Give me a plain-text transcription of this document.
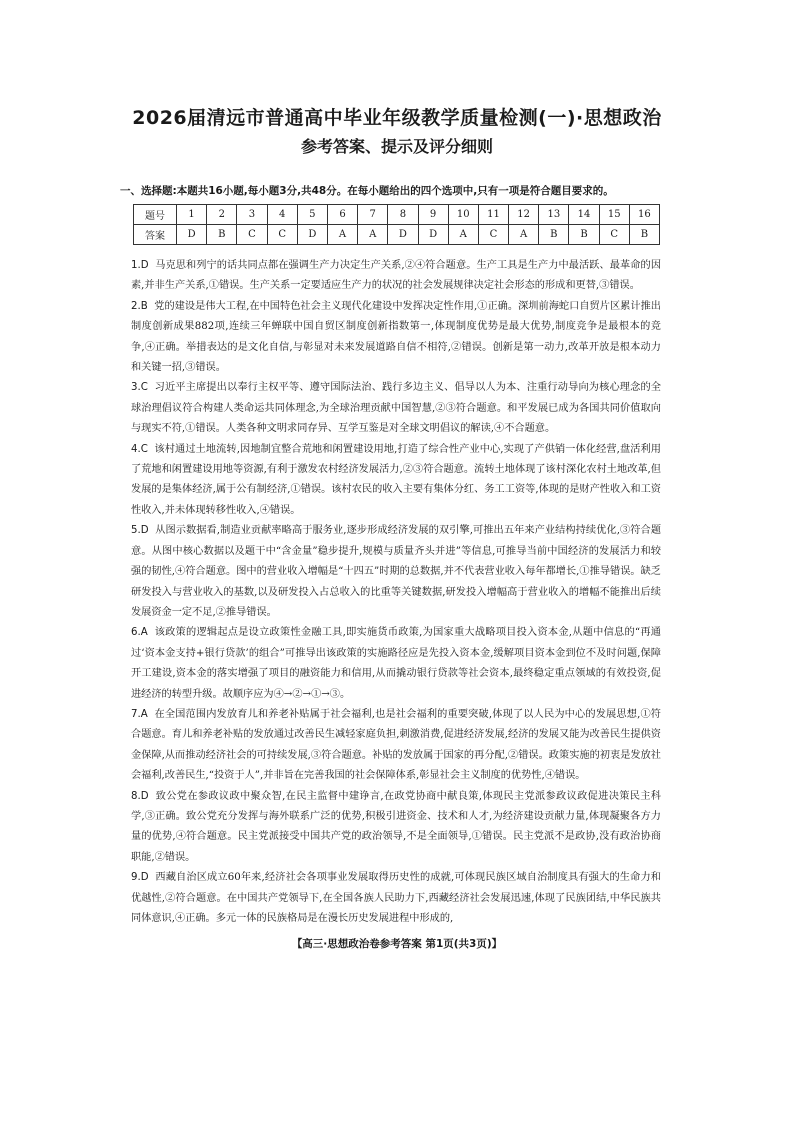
2026届清远市普通高中毕业年级教学质量检测(一)·思想政治
参考答案、提示及评分细则
一、选择题:本题共16小题,每小题3分,共48分。在每小题给出的四个选项中,只有一项是符合题目要求的。
题号	1	2	3	4	5	6	7	8	9	10	11	12	13	14	15	16
答案	D	B	C	C	D	A	A	D	D	A	C	A	B	B	C	B

1.D 马克思和列宁的话共同点都在强调生产力决定生产关系,②④符合题意。生产工具是生产力中最活跃、最革命的因素,并非生产关系,①错误。生产关系一定要适应生产力的状况的社会发展规律决定社会形态的形成和更替,③错误。

2.B 党的建设是伟大工程,在中国特色社会主义现代化建设中发挥决定性作用,①正确。深圳前海蛇口自贸片区累计推出制度创新成果882项,连续三年蝉联中国自贸区制度创新指数第一,体现制度优势是最大优势,制度竞争是最根本的竞争,④正确。举措表达的是文化自信,与彰显对未来发展道路自信不相符,②错误。创新是第一动力,改革开放是根本动力和关键一招,③错误。

3.C 习近平主席提出以奉行主权平等、遵守国际法治、践行多边主义、倡导以人为本、注重行动导向为核心理念的全球治理倡议符合构建人类命运共同体理念,为全球治理贡献中国智慧,②③符合题意。和平发展已成为各国共同价值取向与现实不符,①错误。人类各种文明求同存异、互学互鉴是对全球文明倡议的解读,④不合题意。

4.C 该村通过土地流转,因地制宜整合荒地和闲置建设用地,打造了综合性产业中心,实现了产供销一体化经营,盘活利用了荒地和闲置建设用地等资源,有利于激发农村经济发展活力,②③符合题意。流转土地体现了该村深化农村土地改革,但发展的是集体经济,属于公有制经济,①错误。该村农民的收入主要有集体分红、务工工资等,体现的是财产性收入和工资性收入,并未体现转移性收入,④错误。

5.D 从图示数据看,制造业贡献率略高于服务业,逐步形成经济发展的双引擎,可推出五年来产业结构持续优化,③符合题意。从图中核心数据以及题干中“含金量”稳步提升,规模与质量齐头并进”等信息,可推导当前中国经济的发展活力和较强的韧性,④符合题意。图中的营业收入增幅是“十四五”时期的总数据,并不代表营业收入每年都增长,①推导错误。缺乏研发投入与营业收入的基数,以及研发投入占总收入的比重等关键数据,研发投入增幅高于营业收入的增幅不能推出后续发展资金一定不足,②推导错误。

6.A 该政策的逻辑起点是设立政策性金融工具,即实施货币政策,为国家重大战略项目投入资本金,从题中信息的“再通过‘资本金支持+银行贷款’的组合”可推导出该政策的实施路径应是先投入资本金,缓解项目资本金到位不及时问题,保障开工建设,资本金的落实增强了项目的融资能力和信用,从而撬动银行贷款等社会资本,最终稳定重点领域的有效投资,促进经济的转型升级。故顺序应为④→②→①→③。

7.A 在全国范围内发放育儿和养老补贴属于社会福利,也是社会福利的重要突破,体现了以人民为中心的发展思想,①符合题意。育儿和养老补贴的发放通过改善民生减轻家庭负担,刺激消费,促进经济发展,经济的发展又能为改善民生提供资金保障,从而推动经济社会的可持续发展,③符合题意。补贴的发放属于国家的再分配,②错误。政策实施的初衷是发放社会福利,改善民生,“投资于人”,并非旨在完善我国的社会保障体系,彰显社会主义制度的优势性,④错误。

8.D 致公党在参政议政中聚众智,在民主监督中建诤言,在政党协商中献良策,体现民主党派参政议政促进决策民主科学,③正确。致公党充分发挥与海外联系广泛的优势,积极引进资金、技术和人才,为经济建设贡献力量,体现凝聚各方力量的优势,④符合题意。民主党派接受中国共产党的政治领导,不是全面领导,①错误。民主党派不是政协,没有政治协商职能,②错误。

9.D 西藏自治区成立60年来,经济社会各项事业发展取得历史性的成就,可体现民族区域自治制度具有强大的生命力和优越性,②符合题意。在中国共产党领导下,在全国各族人民助力下,西藏经济社会发展迅速,体现了民族团结,中华民族共同体意识,④正确。多元一体的民族格局是在漫长历史发展进程中形成的,

【高三·思想政治卷参考答案 第1页(共3页)】
